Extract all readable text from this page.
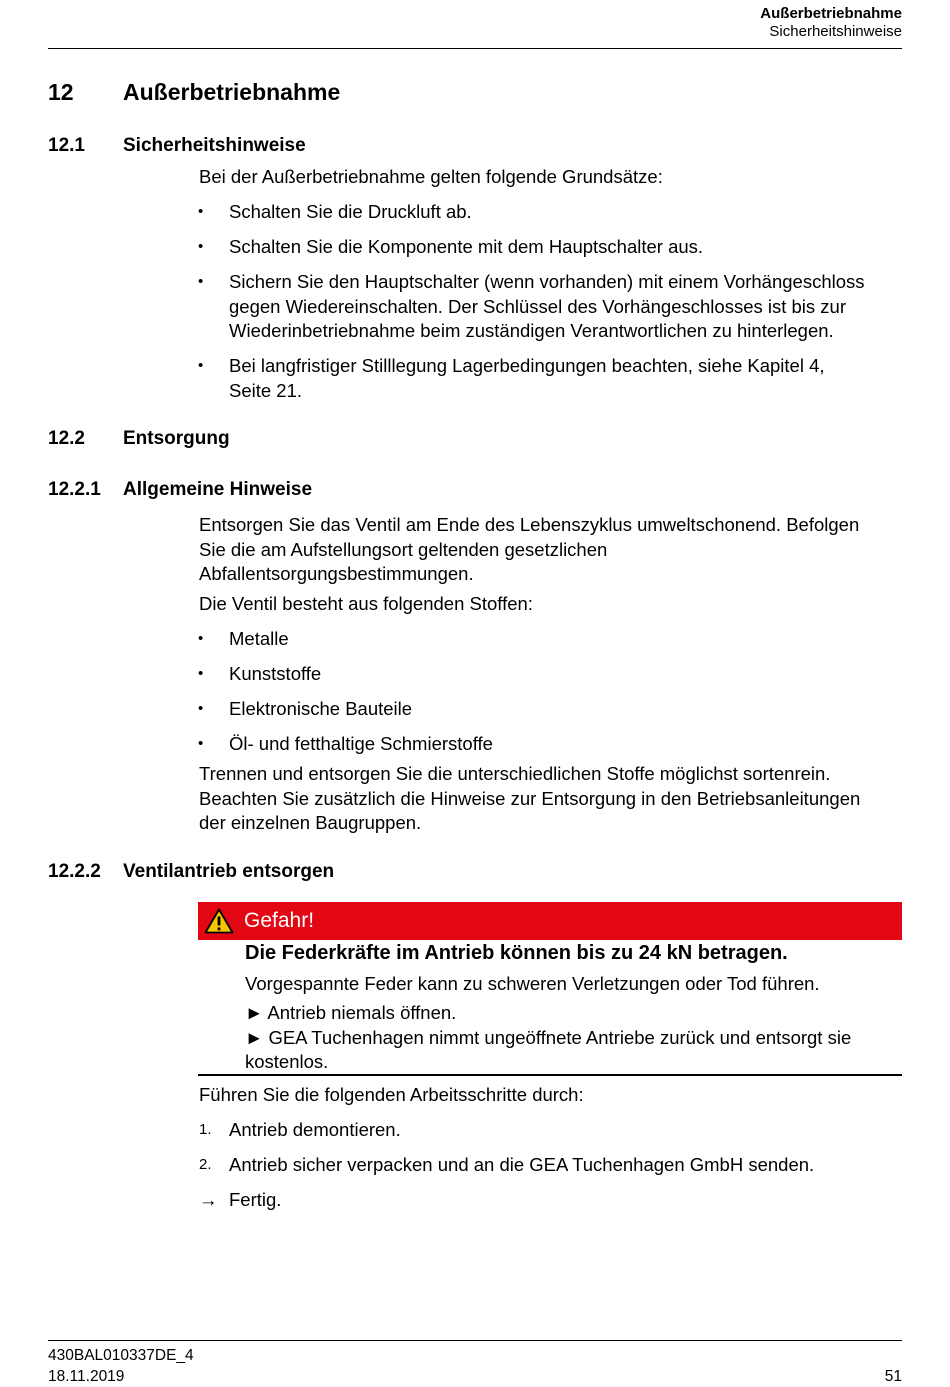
Außerbetriebnahme
Sicherheitshinweise
12 Außerbetriebnahme
12.1 Sicherheitshinweise
Bei der Außerbetriebnahme gelten folgende Grundsätze:
• Schalten Sie die Druckluft ab.
• Schalten Sie die Komponente mit dem Hauptschalter aus.
• Sichern Sie den Hauptschalter (wenn vorhanden) mit einem Vorhängeschloss
gegen Wiedereinschalten. Der Schlüssel des Vorhängeschlosses ist bis zur
Wiederinbetriebnahme beim zuständigen Verantwortlichen zu hinterlegen.
• Bei langfristiger Stilllegung Lagerbedingungen beachten, siehe Kapitel 4,
Seite 21.
12.2 Entsorgung
12.2.1 Allgemeine Hinweise
Entsorgen Sie das Ventil am Ende des Lebenszyklus umweltschonend. Befolgen
Sie die am Aufstellungsort geltenden gesetzlichen
Abfallentsorgungsbestimmungen.
Die Ventil besteht aus folgenden Stoffen:
• Metalle
• Kunststoffe
• Elektronische Bauteile
• Öl- und fetthaltige Schmierstoffe
Trennen und entsorgen Sie die unterschiedlichen Stoffe möglichst sortenrein.
Beachten Sie zusätzlich die Hinweise zur Entsorgung in den Betriebsanleitungen
der einzelnen Baugruppen.
12.2.2 Ventilantrieb entsorgen
Gefahr!
Die Federkräfte im Antrieb können bis zu 24 kN betragen.
Vorgespannte Feder kann zu schweren Verletzungen oder Tod führen.
► Antrieb niemals öffnen.
► GEA Tuchenhagen nimmt ungeöffnete Antriebe zurück und entsorgt sie
kostenlos.
Führen Sie die folgenden Arbeitsschritte durch:
1. Antrieb demontieren.
2. Antrieb sicher verpacken und an die GEA Tuchenhagen GmbH senden.
→ Fertig.
430BAL010337DE_4
18.11.2019	51
